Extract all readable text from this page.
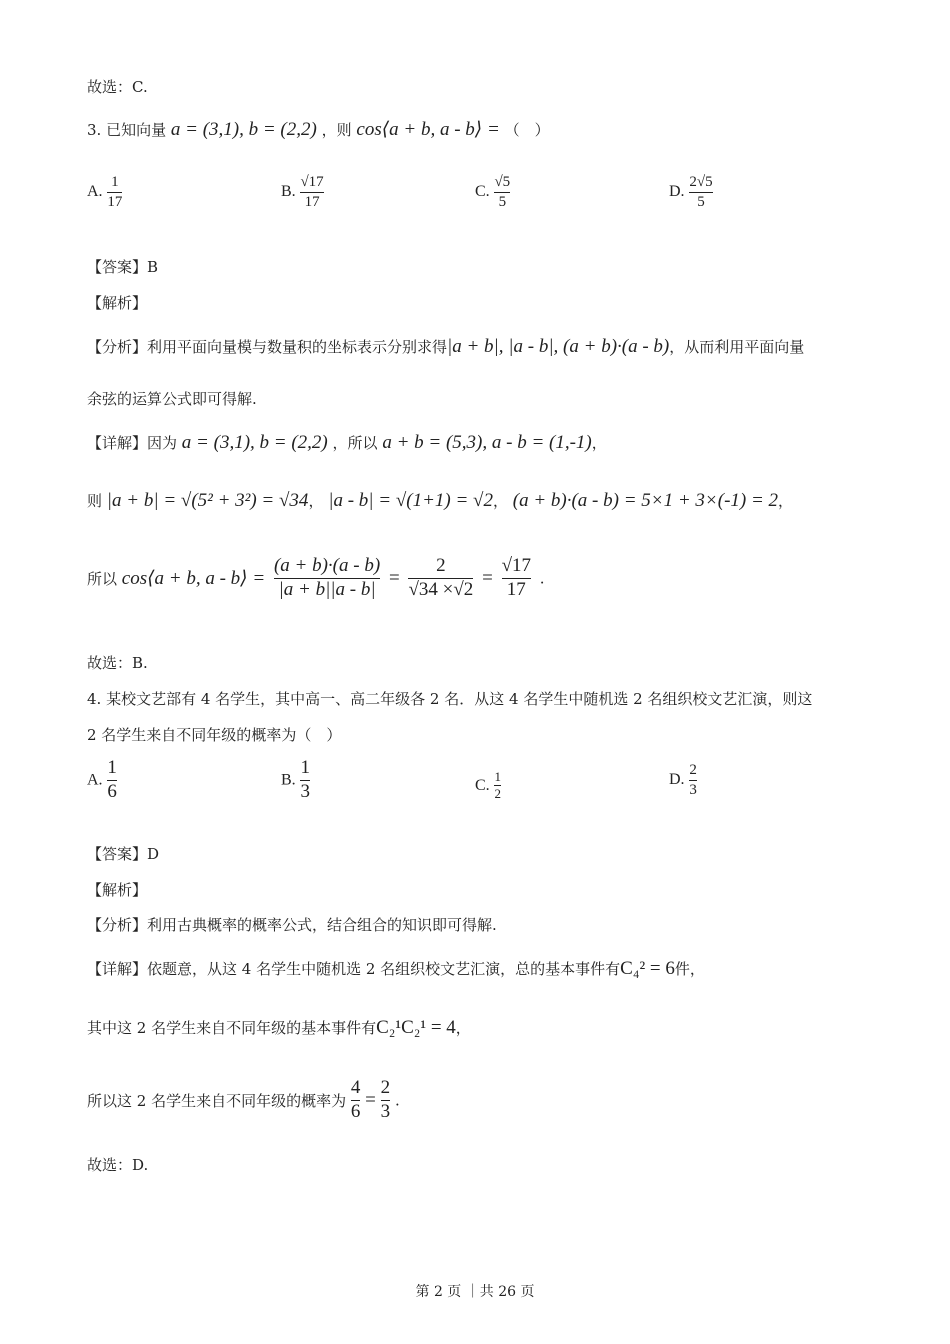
故选：C.
3. 已知向量 a = (3,1), b = (2,2) ，则 cos⟨a + b, a - b⟩ = （　）
A. $\frac{1}{17}$	B. $\frac{√17}{17}$	C. $\frac{√5}{5}$	D. $\frac{2√5}{5}$
【答案】B
【解析】
【分析】利用平面向量模与数量积的坐标表示分别求得|a + b|, |a - b|, (a + b)·(a - b)，从而利用平面向量
余弦的运算公式即可得解.
【详解】因为 a = (3,1), b = (2,2) ，所以 a + b = (5,3), a - b = (1,-1)，
则 |a + b| = √(5² + 3²) = √34， |a - b| = √(1+1) = √2， (a + b)·(a - b) = 5×1 + 3×(-1) = 2，
所以 cos⟨a + b, a - b⟩ = $\frac{(a + b)\cdot(a - b)}{|a + b||a - b|} = \frac{2}{√34 \times√2} = \frac{√17}{17}$ .
故选：B.
4. 某校文艺部有 4 名学生，其中高一、高二年级各 2 名．从这 4 名学生中随机选 2 名组织校文艺汇演，则这
2 名学生来自不同年级的概率为（　）
A. $\frac{1}{6}$	B. $\frac{1}{3}$	C. $\frac{1}{2}$	D. $\frac{2}{3}$
【答案】D
【解析】
【分析】利用古典概率的概率公式，结合组合的知识即可得解.
【详解】依题意，从这 4 名学生中随机选 2 名组织校文艺汇演，总的基本事件有C₄² = 6件，
其中这 2 名学生来自不同年级的基本事件有C₂¹C₂¹ = 4，
所以这 2 名学生来自不同年级的概率为 $\frac{4}{6} = \frac{2}{3}$ .
故选：D.
第 2 页 ｜共 26 页
